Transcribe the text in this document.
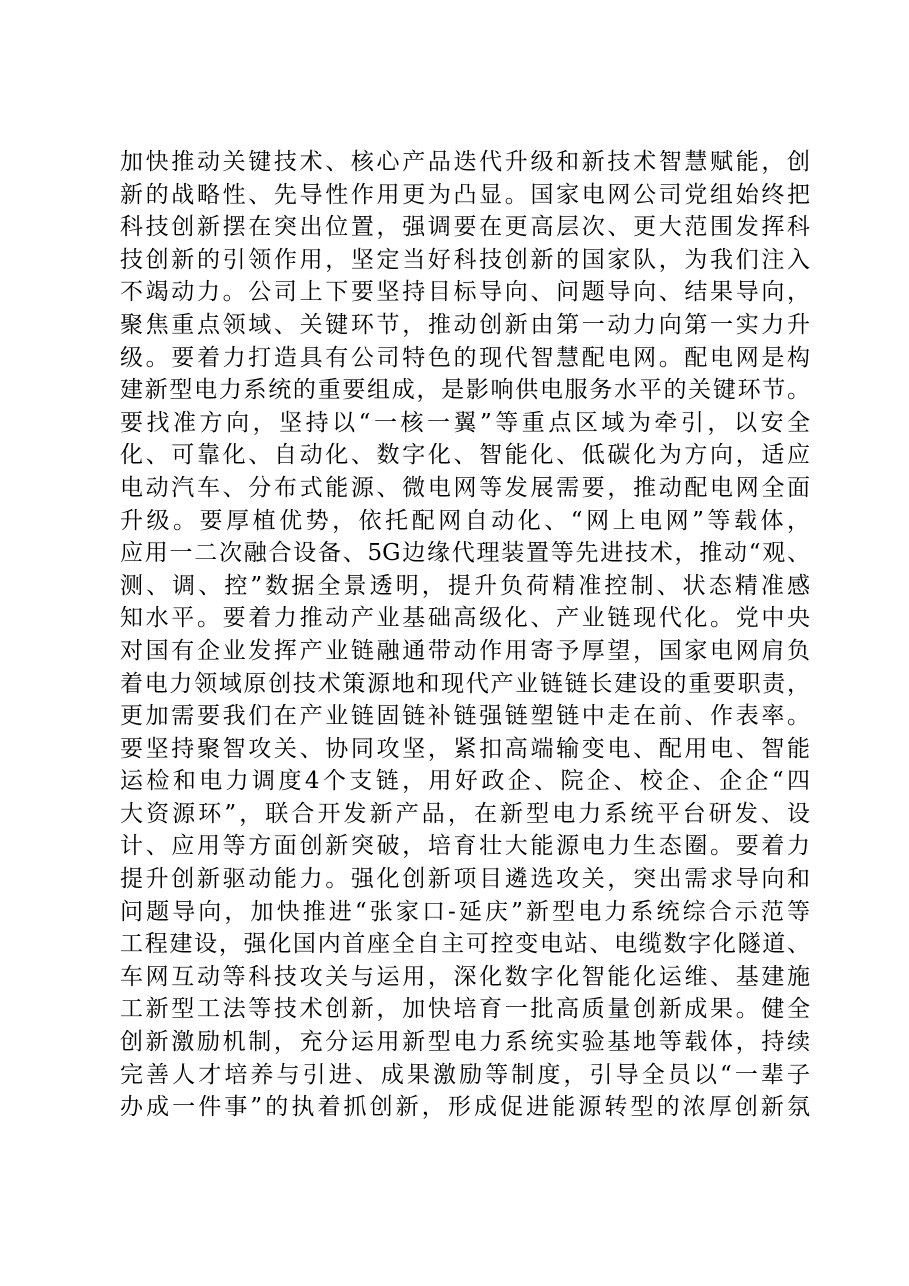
加快推动关键技术、核心产品迭代升级和新技术智慧赋能，创
新的战略性、先导性作用更为凸显。国家电网公司党组始终把
科技创新摆在突出位置，强调要在更高层次、更大范围发挥科
技创新的引领作用，坚定当好科技创新的国家队，为我们注入
不竭动力。公司上下要坚持目标导向、问题导向、结果导向，
聚焦重点领域、关键环节，推动创新由第一动力向第一实力升
级。要着力打造具有公司特色的现代智慧配电网。配电网是构
建新型电力系统的重要组成，是影响供电服务水平的关键环节。
要找准方向，坚持以“一核一翼”等重点区域为牵引，以安全
化、可靠化、自动化、数字化、智能化、低碳化为方向，适应
电动汽车、分布式能源、微电网等发展需要，推动配电网全面
升级。要厚植优势，依托配网自动化、“网上电网”等载体，
应用一二次融合设备、5G边缘代理装置等先进技术，推动“观、
测、调、控”数据全景透明，提升负荷精准控制、状态精准感
知水平。要着力推动产业基础高级化、产业链现代化。党中央
对国有企业发挥产业链融通带动作用寄予厚望，国家电网肩负
着电力领域原创技术策源地和现代产业链链长建设的重要职责，
更加需要我们在产业链固链补链强链塑链中走在前、作表率。
要坚持聚智攻关、协同攻坚，紧扣高端输变电、配用电、智能
运检和电力调度4个支链，用好政企、院企、校企、企企“四
大资源环”，联合开发新产品，在新型电力系统平台研发、设
计、应用等方面创新突破，培育壮大能源电力生态圈。要着力
提升创新驱动能力。强化创新项目遴选攻关，突出需求导向和
问题导向，加快推进“张家口-延庆”新型电力系统综合示范等
工程建设，强化国内首座全自主可控变电站、电缆数字化隧道、
车网互动等科技攻关与运用，深化数字化智能化运维、基建施
工新型工法等技术创新，加快培育一批高质量创新成果。健全
创新激励机制，充分运用新型电力系统实验基地等载体，持续
完善人才培养与引进、成果激励等制度，引导全员以“一辈子
办成一件事”的执着抓创新，形成促进能源转型的浓厚创新氛
